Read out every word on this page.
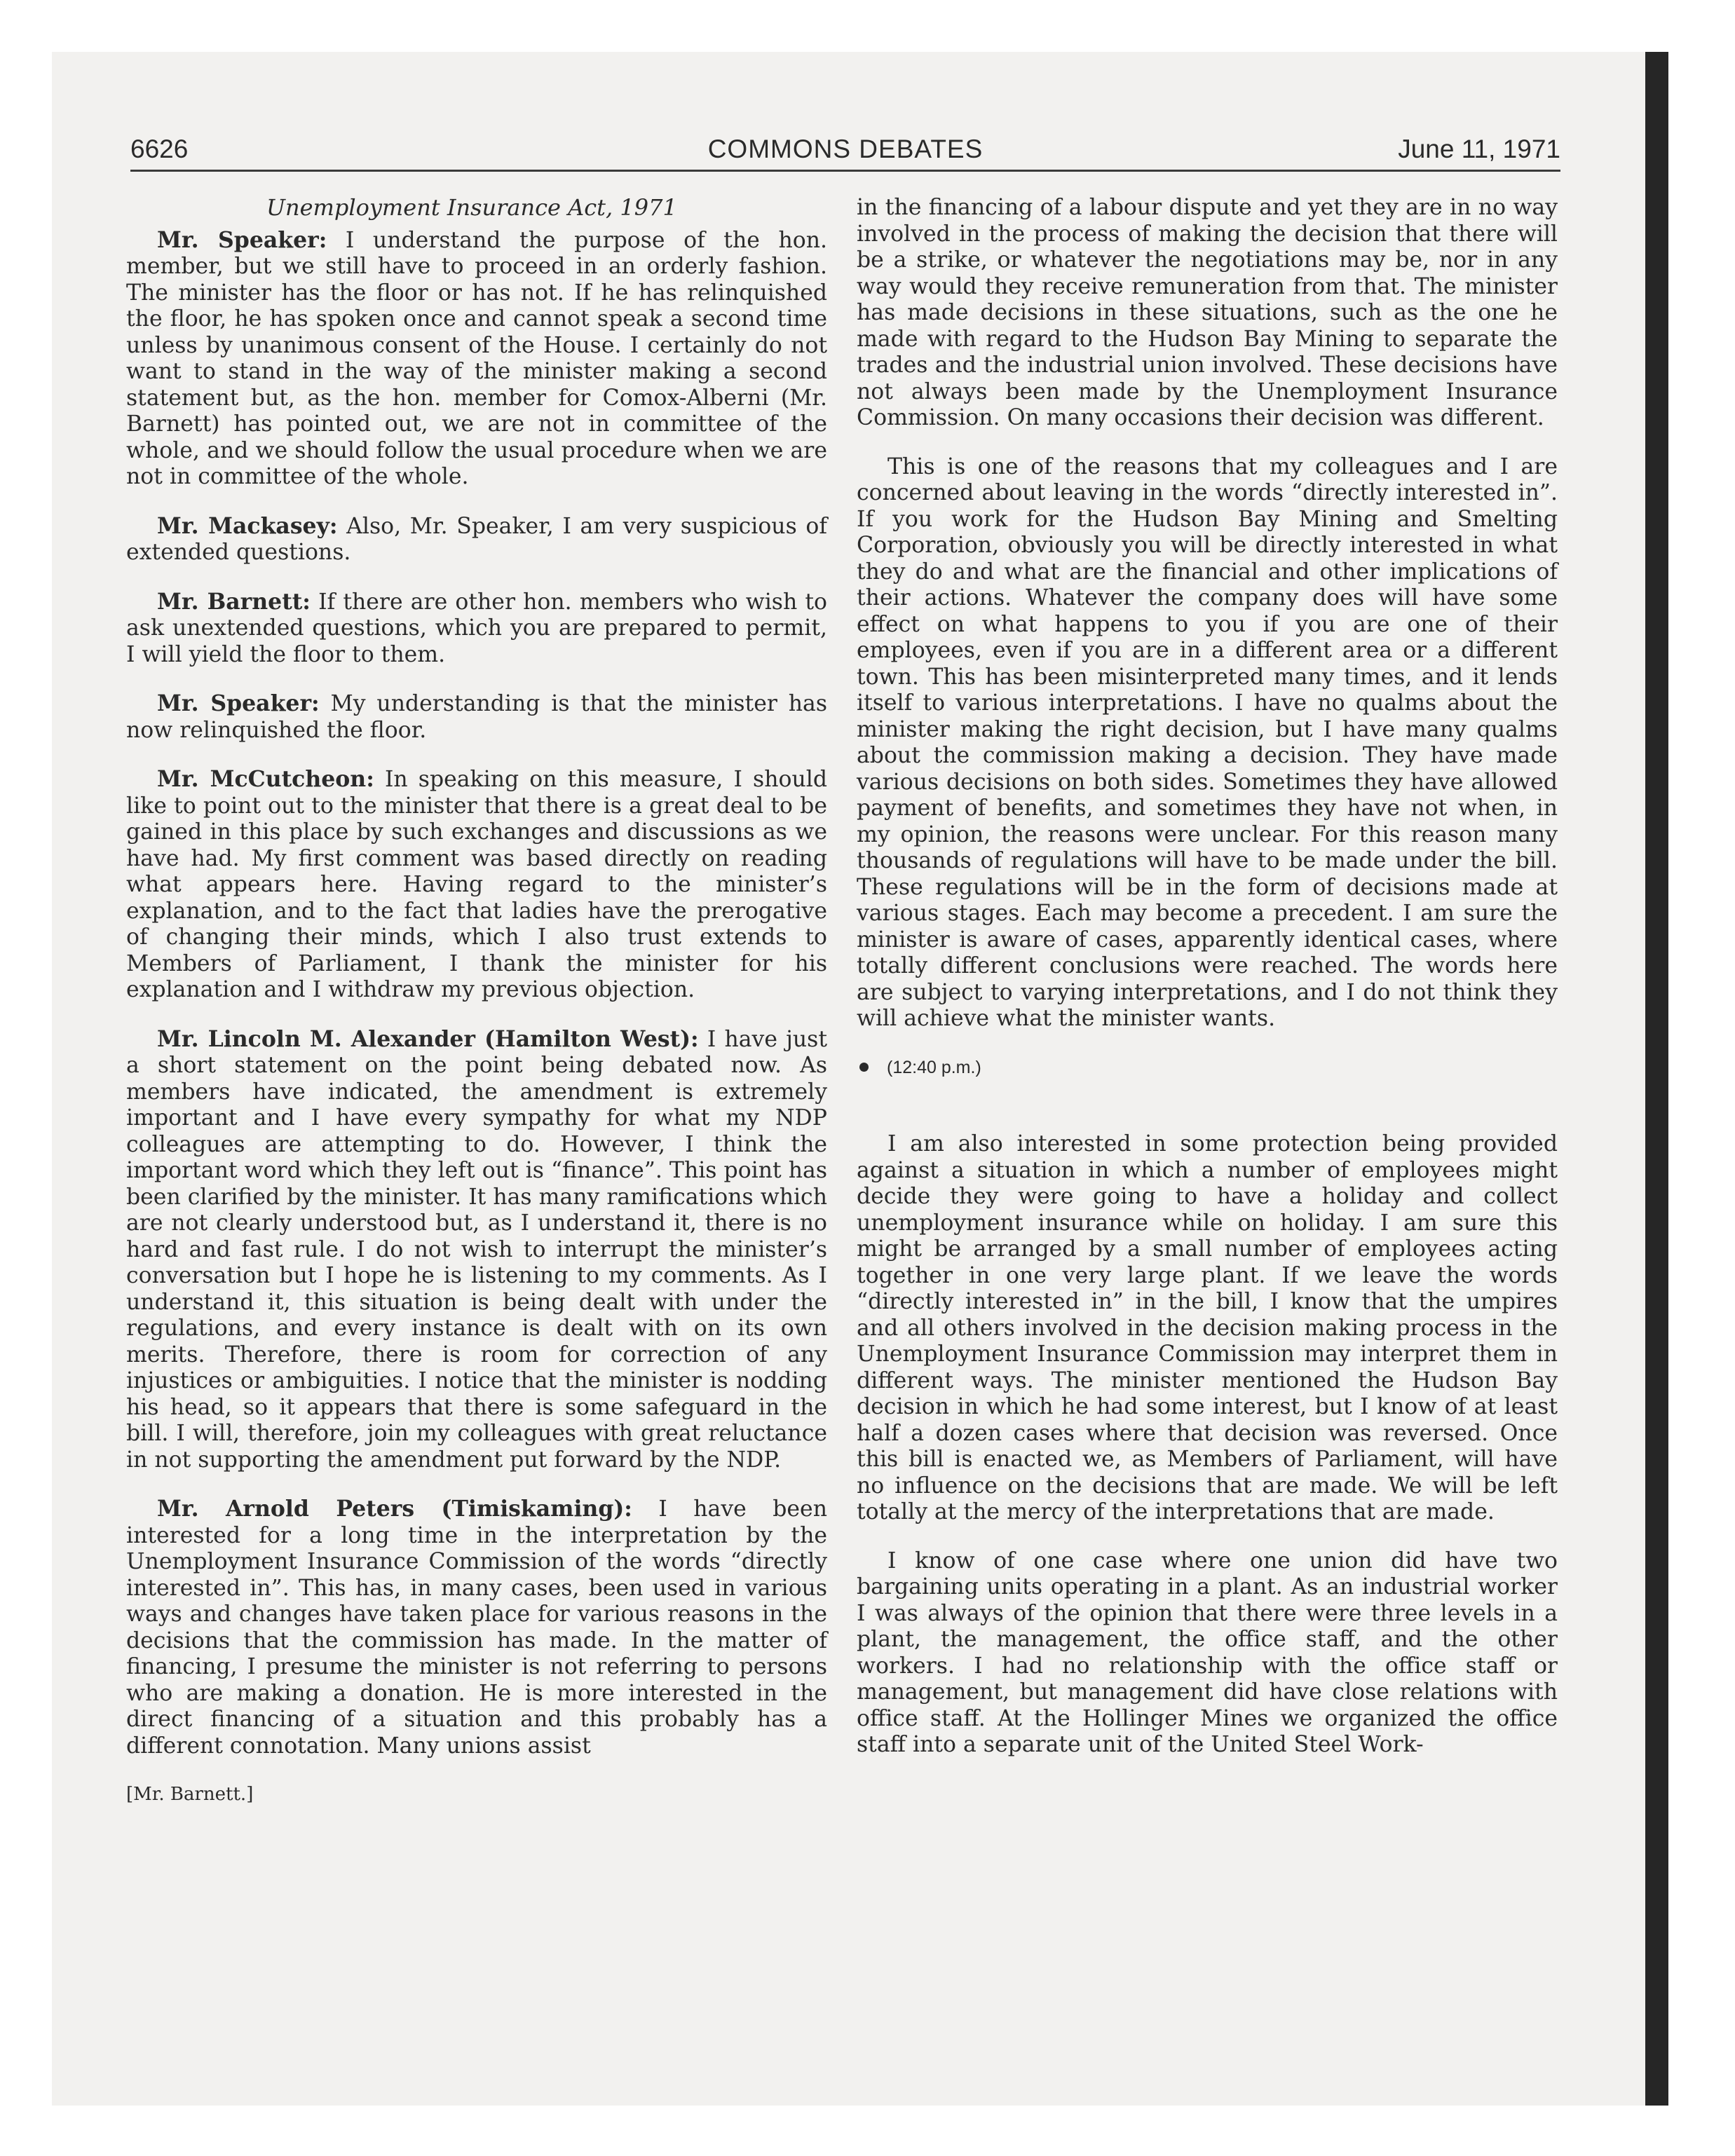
6626	COMMONS DEBATES	June 11, 1971
Unemployment Insurance Act, 1971

Mr. Speaker: I understand the purpose of the hon. member, but we still have to proceed in an orderly fashion. The minister has the floor or has not. If he has relinquished the floor, he has spoken once and cannot speak a second time unless by unanimous consent of the House. I certainly do not want to stand in the way of the minister making a second statement but, as the hon. member for Comox-Alberni (Mr. Barnett) has pointed out, we are not in committee of the whole, and we should follow the usual procedure when we are not in committee of the whole.

Mr. Mackasey: Also, Mr. Speaker, I am very suspicious of extended questions.

Mr. Barnett: If there are other hon. members who wish to ask unextended questions, which you are prepared to permit, I will yield the floor to them.

Mr. Speaker: My understanding is that the minister has now relinquished the floor.

Mr. McCutcheon: In speaking on this measure, I should like to point out to the minister that there is a great deal to be gained in this place by such exchanges and discussions as we have had. My first comment was based directly on reading what appears here. Having regard to the minister’s explanation, and to the fact that ladies have the prerogative of changing their minds, which I also trust extends to Members of Parliament, I thank the minister for his explanation and I withdraw my previous objection.

Mr. Lincoln M. Alexander (Hamilton West): I have just a short statement on the point being debated now. As members have indicated, the amendment is extremely important and I have every sympathy for what my NDP colleagues are attempting to do. However, I think the important word which they left out is “finance”. This point has been clarified by the minister. It has many ramifications which are not clearly understood but, as I understand it, there is no hard and fast rule. I do not wish to interrupt the minister’s conversation but I hope he is listening to my comments. As I understand it, this situation is being dealt with under the regulations, and every instance is dealt with on its own merits. Therefore, there is room for correction of any injustices or ambiguities. I notice that the minister is nodding his head, so it appears that there is some safeguard in the bill. I will, therefore, join my colleagues with great reluctance in not supporting the amendment put forward by the NDP.

Mr. Arnold Peters (Timiskaming): I have been interested for a long time in the interpretation by the Unemployment Insurance Commission of the words “directly interested in”. This has, in many cases, been used in various ways and changes have taken place for various reasons in the decisions that the commission has made. In the matter of financing, I presume the minister is not referring to persons who are making a donation. He is more interested in the direct financing of a situation and this probably has a different connotation. Many unions assist

[Mr. Barnett.]

in the financing of a labour dispute and yet they are in no way involved in the process of making the decision that there will be a strike, or whatever the negotiations may be, nor in any way would they receive remuneration from that. The minister has made decisions in these situations, such as the one he made with regard to the Hudson Bay Mining to separate the trades and the industrial union involved. These decisions have not always been made by the Unemployment Insurance Commission. On many occasions their decision was different.

This is one of the reasons that my colleagues and I are concerned about leaving in the words “directly interested in”. If you work for the Hudson Bay Mining and Smelting Corporation, obviously you will be directly interested in what they do and what are the financial and other implications of their actions. Whatever the company does will have some effect on what happens to you if you are one of their employees, even if you are in a different area or a different town. This has been misinterpreted many times, and it lends itself to various interpretations. I have no qualms about the minister making the right decision, but I have many qualms about the commission making a decision. They have made various decisions on both sides. Sometimes they have allowed payment of benefits, and sometimes they have not when, in my opinion, the reasons were unclear. For this reason many thousands of regulations will have to be made under the bill. These regulations will be in the form of decisions made at various stages. Each may become a precedent. I am sure the minister is aware of cases, apparently identical cases, where totally different conclusions were reached. The words here are subject to varying interpretations, and I do not think they will achieve what the minister wants.

(12:40 p.m.)

I am also interested in some protection being provided against a situation in which a number of employees might decide they were going to have a holiday and collect unemployment insurance while on holiday. I am sure this might be arranged by a small number of employees acting together in one very large plant. If we leave the words “directly interested in” in the bill, I know that the umpires and all others involved in the decision making process in the Unemployment Insurance Commission may interpret them in different ways. The minister mentioned the Hudson Bay decision in which he had some interest, but I know of at least half a dozen cases where that decision was reversed. Once this bill is enacted we, as Members of Parliament, will have no influence on the decisions that are made. We will be left totally at the mercy of the interpretations that are made.

I know of one case where one union did have two bargaining units operating in a plant. As an industrial worker I was always of the opinion that there were three levels in a plant, the management, the office staff, and the other workers. I had no relationship with the office staff or management, but management did have close relations with office staff. At the Hollinger Mines we organized the office staff into a separate unit of the United Steel Work-
